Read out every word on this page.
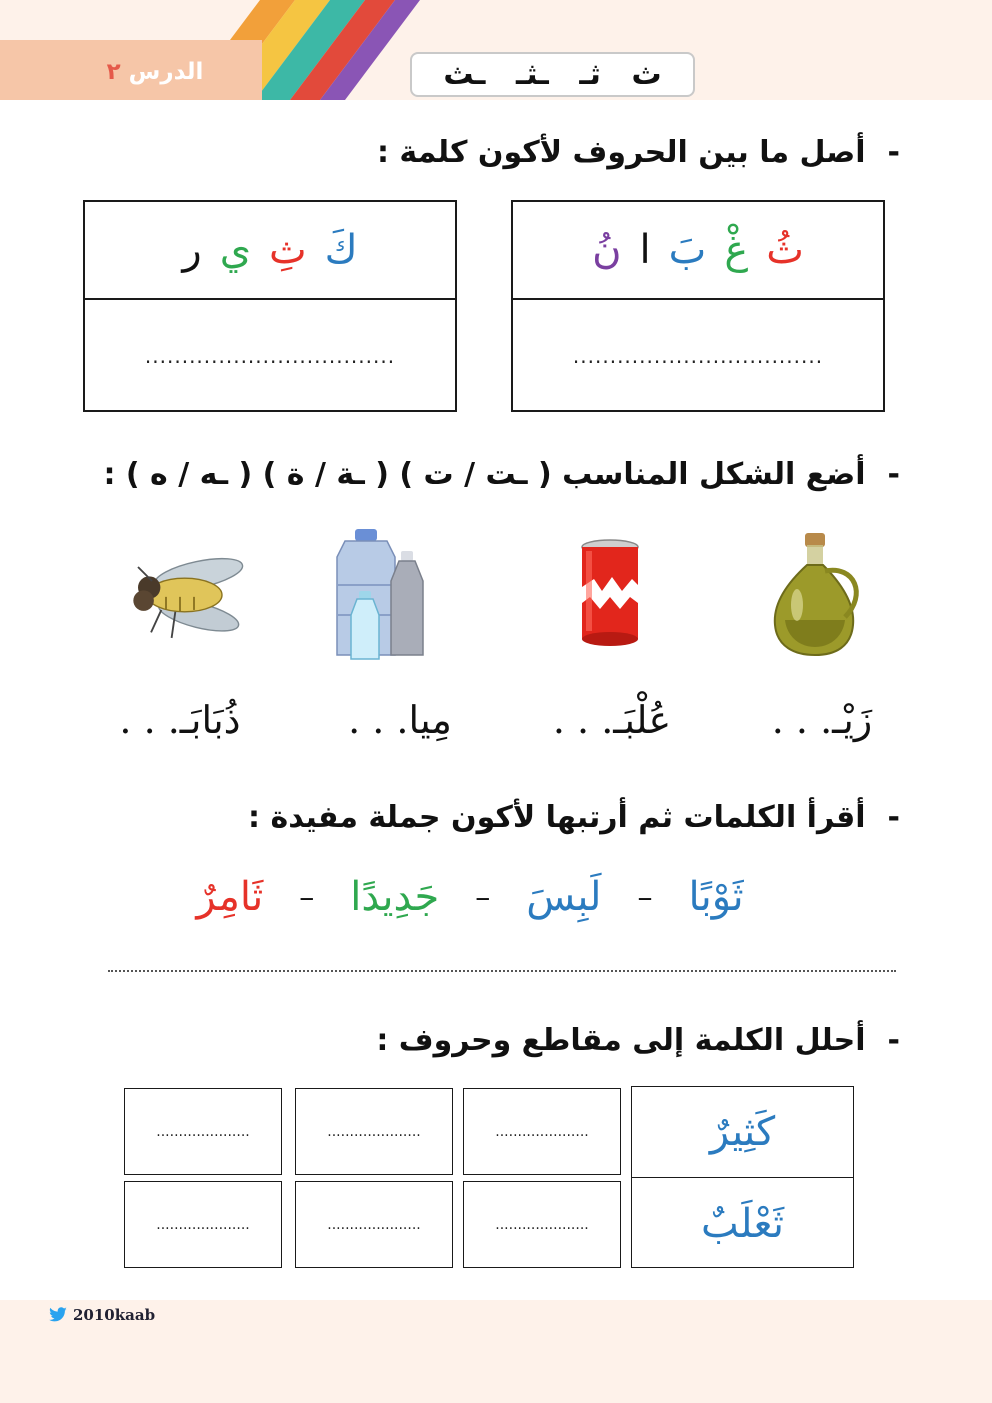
الدرس ٢	ث
ثـ
ـثـ
ـث
-أصل ما بين الحروف لأكون كلمة :
ثُ
غْ
بَ
ا
نُ
..................................
كَ
ثِ
ي
ر
..................................
-أضع الشكل المناسب ( ـت / ت ) ( ـة / ة ) ( ـه / ه ) :
زَيْـ. . .
عُلْبَـ. . .
مِيا. . .
ذُبَابَـ. . .
-أقرأ الكلمات ثم أرتبها لأكون جملة مفيدة :
ثَامِرٌ – جَدِيدًا – لَبِسَ – ثَوْبًا
-أحلل الكلمة إلى مقاطع وحروف :
كَثِيرٌ
ثَعْلَبٌ
.....................
.....................
.....................
.....................
.....................
.....................
2010kaab
